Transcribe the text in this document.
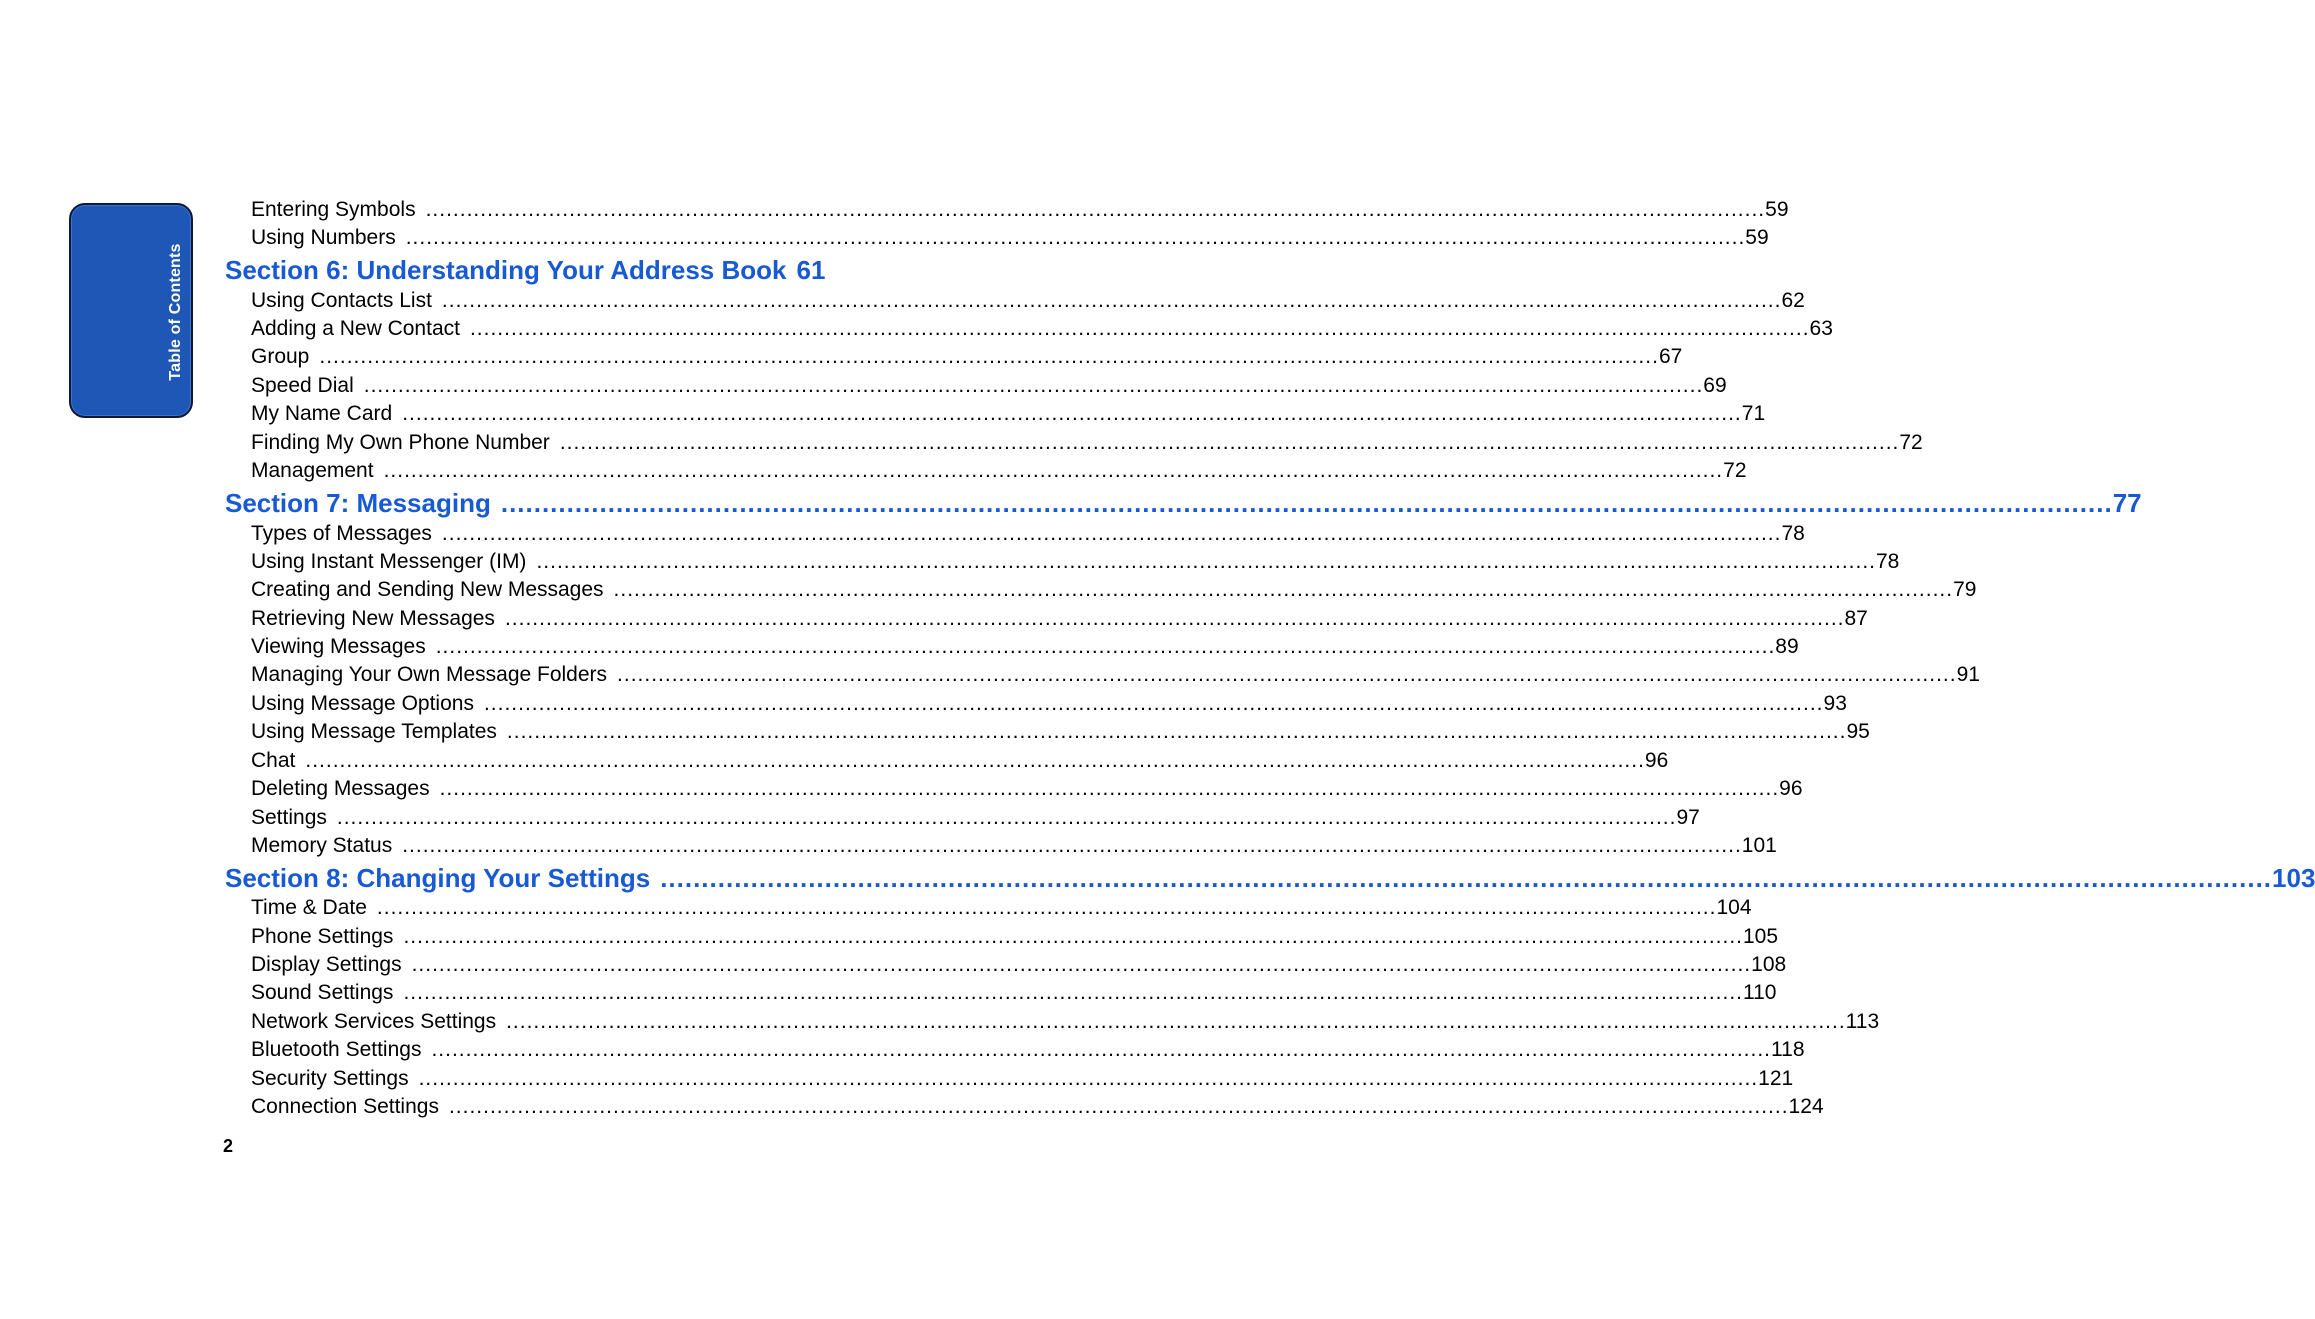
Table of Contents
Entering Symbols .....	59
Using Numbers .....	59
Section 6: Understanding Your Address Book 61
Using Contacts List .....	62
Adding a New Contact .....	63
Group .....	67
Speed Dial .....	69
My Name Card .....	71
Finding My Own Phone Number .....	72
Management .....	72
Section 7: Messaging .....	77
Types of Messages .....	78
Using Instant Messenger (IM) .....	78
Creating and Sending New Messages .....	79
Retrieving New Messages .....	87
Viewing Messages .....	89
Managing Your Own Message Folders .....	91
Using Message Options .....	93
Using Message Templates .....	95
Chat .....	96
Deleting Messages .....	96
Settings .....	97
Memory Status .....	101
Section 8: Changing Your Settings .....	103
Time & Date .....	104
Phone Settings .....	105
Display Settings .....	108
Sound Settings .....	110
Network Services Settings .....	113
Bluetooth Settings .....	118
Security Settings .....	121
Connection Settings .....	124
2
